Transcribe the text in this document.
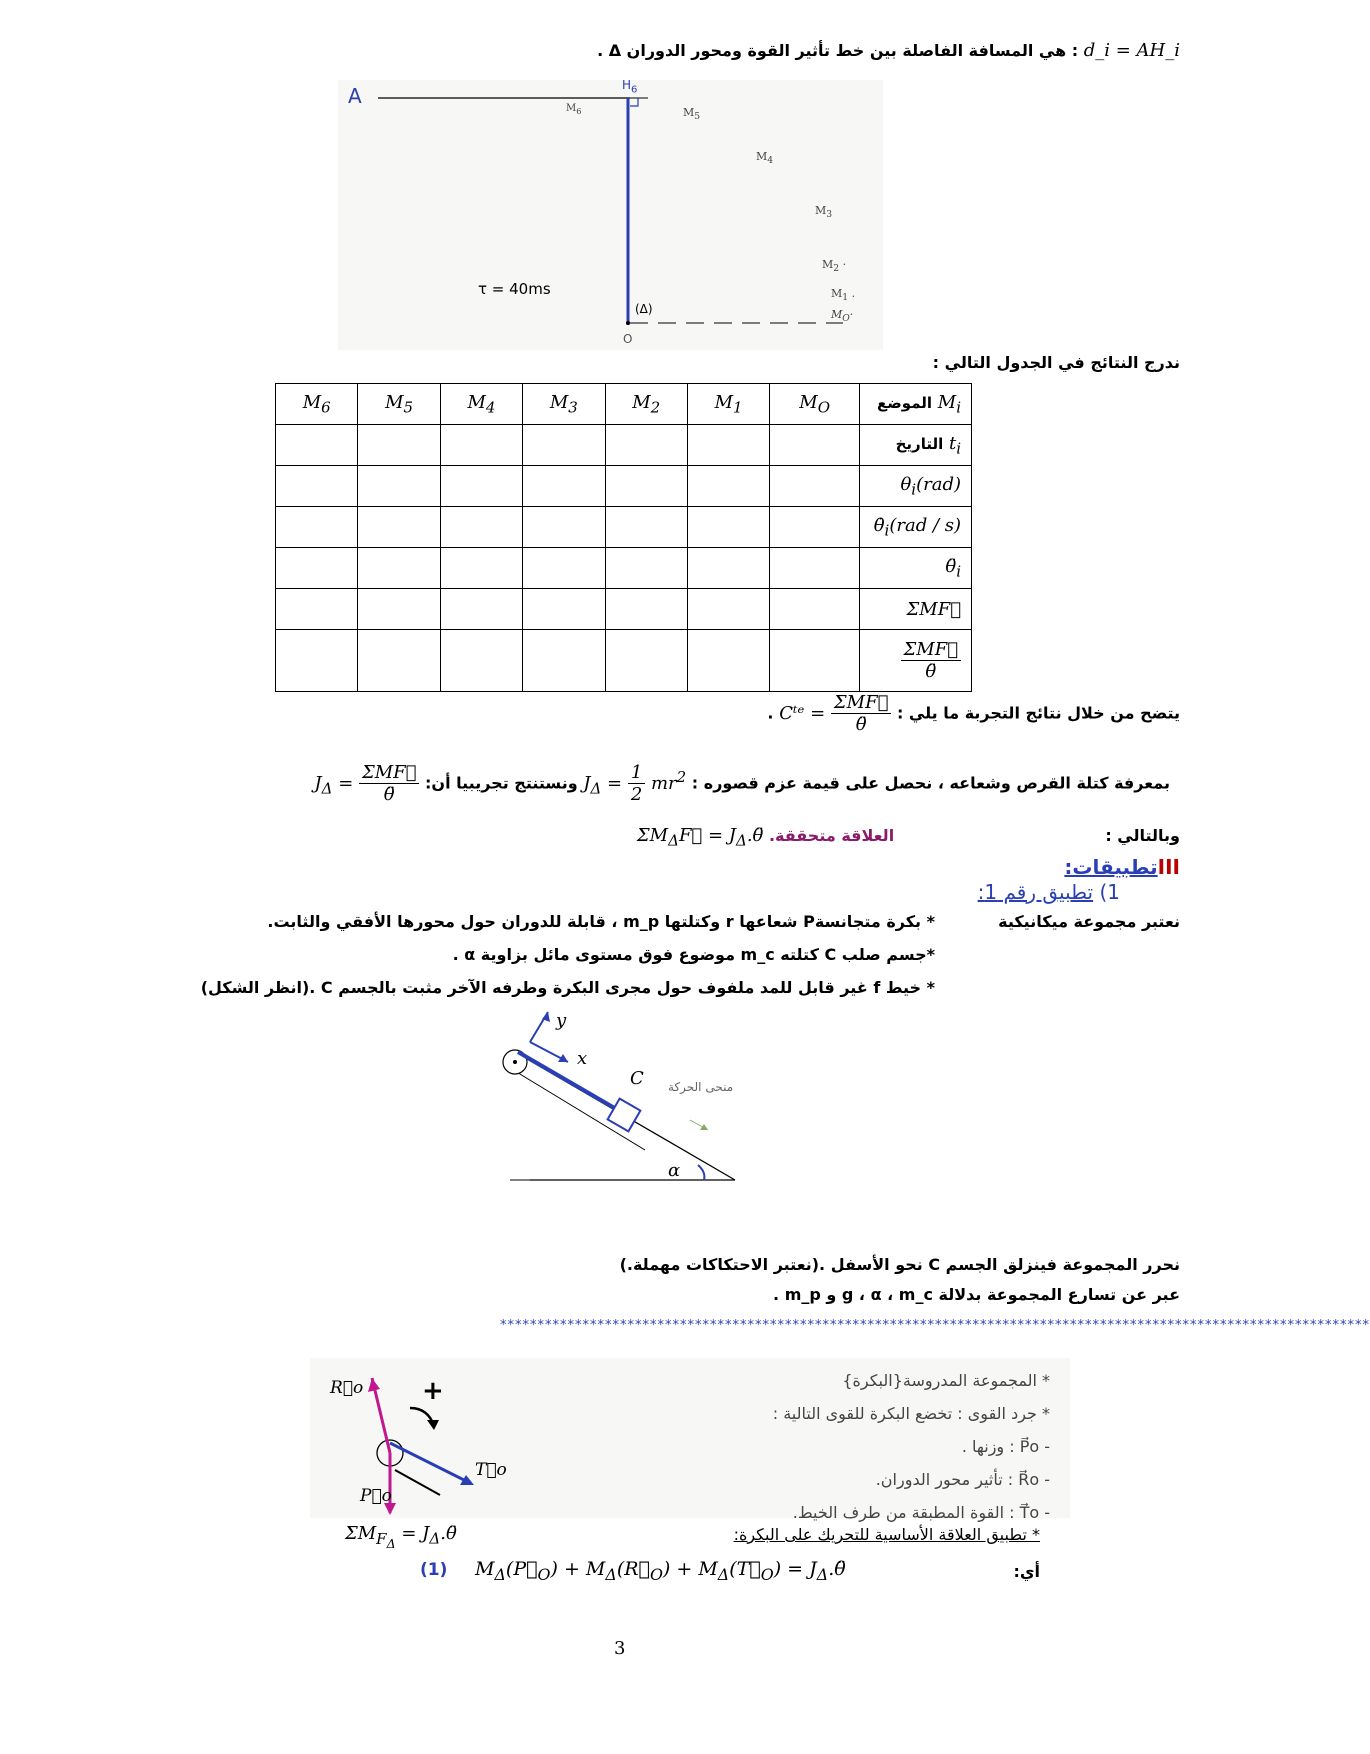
d_i = AH_i : هي المسافة الفاصلة بين خط تأثير القوة ومحور الدوران Δ .
A	$H_6$
O
(Δ)
τ = 40ms
$M_6$	$M_5$
$M_4$
$M_3$
$M_2$ ·
$M_1$ .
$M_O\cdot$
ندرج النتائج في الجدول التالي :
$M_6$	$M_5$	$M_4$	$M_3$	$M_2$	$M_1$	$M_O$	الموضع $M_i$
							التاريخ $t_i$
							$\theta_i(rad)$
							$\thetȧ_i(rad / s)$
							$\thetä_i$
							ΣMF⃗

							$\frac{\text{ΣMF⃗}}{\thetä}$
يتضح من خلال نتائج التجربة ما يلي :
$\frac{\text{ΣMF⃗}}{\thetä}$
= Cᵗᵉ .
بمعرفة كتلة القرص وشعاعه ، نحصل على قيمة عزم قصوره : $J_\Delta = \frac{1}{2} mr^2$ ونستنتج تجريبيا أن:
$\frac{\text{ΣMF⃗}}{\thetä}$
= $J_\Delta$
وبالتالي :  العلاقة متحققة. $\Sigma M_\Delta F⃗$ = $J_\Delta.\thetä$
IIIتطبيقات:
1) تطبيق رقم 1:
نعتبر مجموعة ميكانيكية
* بكرة متجانسةP شعاعها r وكتلتها m_p ، قابلة للدوران حول محورها الأفقي والثابت.
*جسم صلب C كتلته m_c موضوع فوق مستوى مائل بزاوية α .
* خيط f غير قابل للمد ملفوف حول مجرى البكرة وطرفه الآخر مثبت بالجسم C .(انظر الشكل)
y
x
C
α
منحى الحركة
نحرر المجموعة فينزلق الجسم C نحو الأسفل .(نعتبر الاحتكاكات مهملة.)
عبر عن تسارع المجموعة بدلالة g ، α ، m_c و m_p .
********************************************************************************************************************
R⃗o
T⃗o
P⃗o
+	* المجموعة المدروسة{البكرة}
* جرد القوى : تخضع البكرة للقوى التالية :
- P⃗o : وزنها .
- R⃗o : تأثير محور الدوران.
- T⃗o : القوة المطبقة من طرف الخيط.
* تطبيق العلاقة الأساسية للتحريك على البكرة:
$\Sigma M_{F_\Delta}$ = $J_\Delta.\thetä$
أي:
$M_\Delta(P⃗_O)$ + $M_\Delta(R⃗_O)$ + $M_\Delta(T⃗_O)$ = $J_\Delta.\thetä$
(1)
3
